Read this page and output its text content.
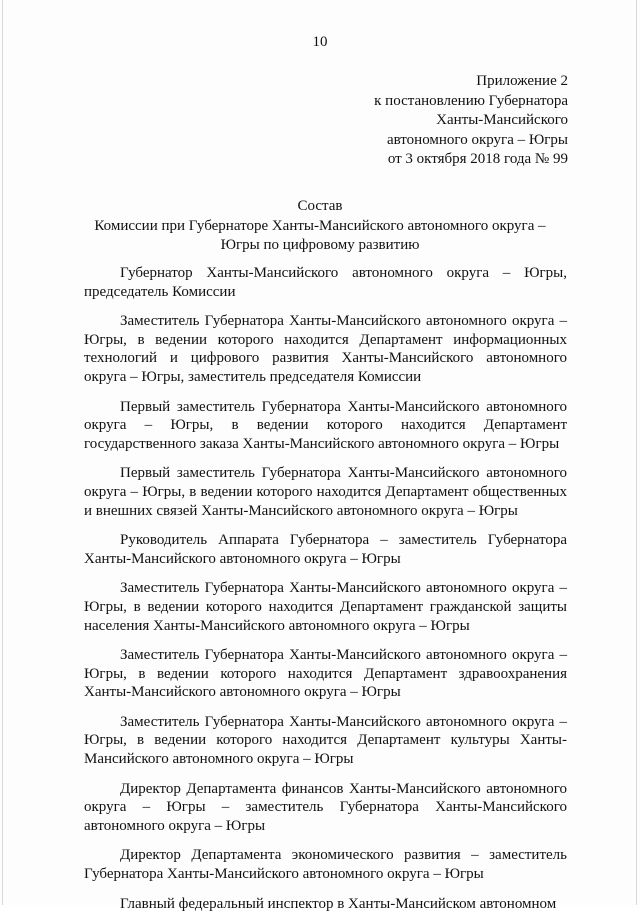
10
Приложение 2
к постановлению Губернатора
Ханты-Мансийского
автономного округа – Югры
от 3 октября 2018 года № 99
Состав
Комиссии при Губернаторе Ханты-Мансийского автономного округа –
Югры по цифровому развитию

Губернатор Ханты-Мансийского автономного округа – Югры, председатель Комиссии

Заместитель Губернатора Ханты-Мансийского автономного округа – Югры, в ведении которого находится Департамент информационных технологий и цифрового развития Ханты-Мансийского автономного округа – Югры, заместитель председателя Комиссии

Первый заместитель Губернатора Ханты-Мансийского автономного округа – Югры, в ведении которого находится Департамент государственного заказа Ханты-Мансийского автономного округа – Югры

Первый заместитель Губернатора Ханты-Мансийского автономного округа – Югры, в ведении которого находится Департамент общественных и внешних связей Ханты-Мансийского автономного округа – Югры

Руководитель Аппарата Губернатора – заместитель Губернатора Ханты-Мансийского автономного округа – Югры

Заместитель Губернатора Ханты-Мансийского автономного округа – Югры, в ведении которого находится Департамент гражданской защиты населения Ханты-Мансийского автономного округа – Югры

Заместитель Губернатора Ханты-Мансийского автономного округа – Югры, в ведении которого находится Департамент здравоохранения Ханты-Мансийского автономного округа – Югры

Заместитель Губернатора Ханты-Мансийского автономного округа – Югры, в ведении которого находится Департамент культуры Ханты-Мансийского автономного округа – Югры

Директор Департамента финансов Ханты-Мансийского автономного округа – Югры – заместитель Губернатора Ханты-Мансийского автономного округа – Югры

Директор Департамента экономического развития – заместитель Губернатора Ханты-Мансийского автономного округа – Югры

Главный федеральный инспектор в Ханты-Мансийском автономном
